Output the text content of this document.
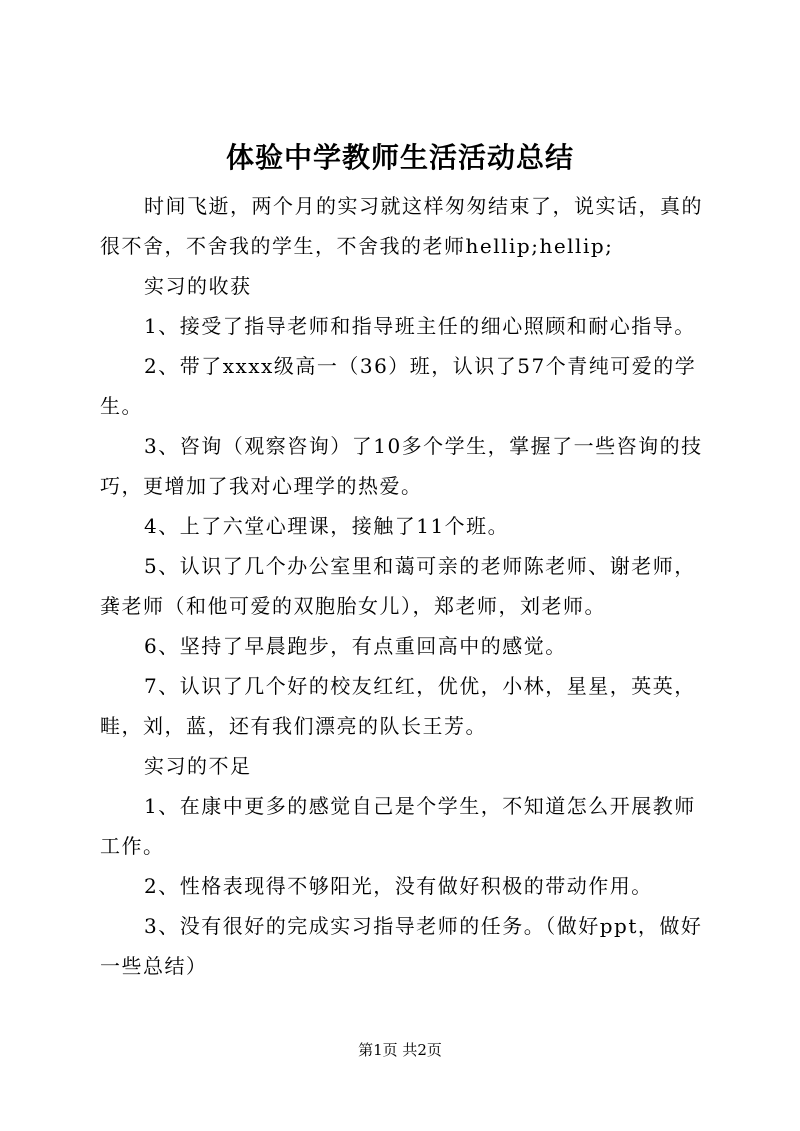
体验中学教师生活活动总结

时间飞逝，两个月的实习就这样匆匆结束了，说实话，真的很不舍，不舍我的学生，不舍我的老师hellip;hellip;

实习的收获

1、接受了指导老师和指导班主任的细心照顾和耐心指导。

2、带了xxxx级高一（36）班，认识了57个青纯可爱的学生。

3、咨询（观察咨询）了10多个学生，掌握了一些咨询的技巧，更增加了我对心理学的热爱。

4、上了六堂心理课，接触了11个班。

5、认识了几个办公室里和蔼可亲的老师陈老师、谢老师，龚老师（和他可爱的双胞胎女儿），郑老师，刘老师。

6、坚持了早晨跑步，有点重回高中的感觉。

7、认识了几个好的校友红红，优优，小林，星星，英英，畦，刘，蓝，还有我们漂亮的队长王芳。

实习的不足

1、在康中更多的感觉自己是个学生，不知道怎么开展教师工作。

2、性格表现得不够阳光，没有做好积极的带动作用。

3、没有很好的完成实习指导老师的任务。（做好ppt，做好一些总结）

第1页 共2页
